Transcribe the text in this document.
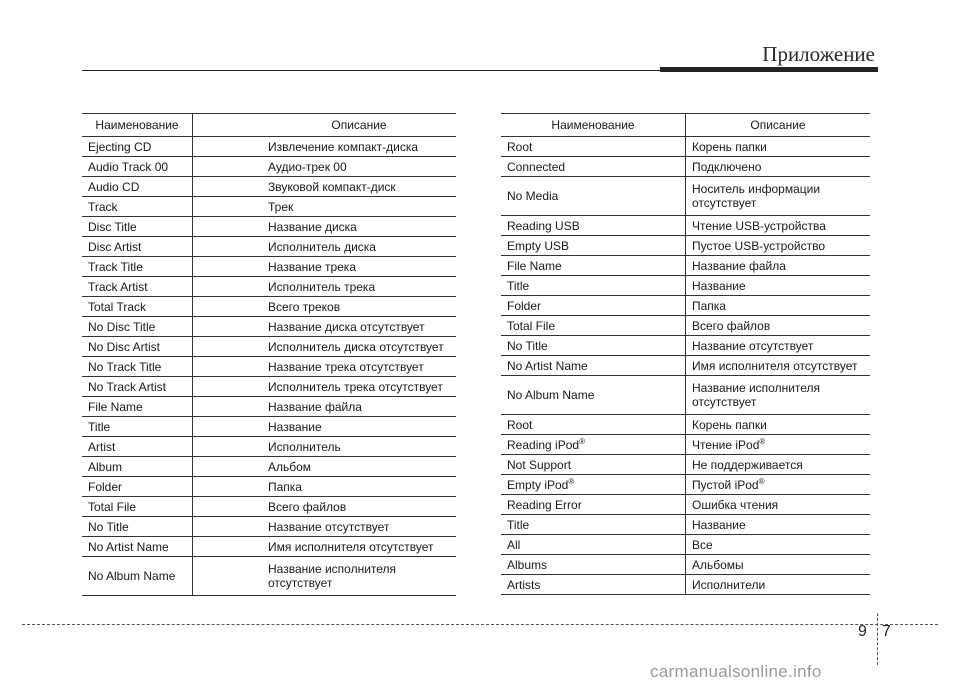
Приложение
Наименование	Описание
Ejecting CD	Извлечение компакт-диска
Audio Track 00	Аудио-трек 00
Audio CD	Звуковой компакт-диск
Track	Трек
Disc Title	Название диска
Disc Artist	Исполнитель диска
Track Title	Название трека
Track Artist	Исполнитель трека
Total Track	Всего треков
No Disc Title	Название диска отсутствует
No Disc Artist	Исполнитель диска отсутствует
No Track Title	Название трека отсутствует
No Track Artist	Исполнитель трека отсутствует
File Name	Название файла
Title	Название
Artist	Исполнитель
Album	Альбом
Folder	Папка
Total File	Всего файлов
No Title	Название отсутствует
No Artist Name	Имя исполнителя отсутствует
No Album Name	Название исполнителя отсутствует
Наименование	Описание
Root	Корень папки
Connected	Подключено
No Media	Носитель информации отсутствует
Reading USB	Чтение USB-устройства
Empty USB	Пустое USB-устройство
File Name	Название файла
Title	Название
Folder	Папка
Total File	Всего файлов
No Title	Название отсутствует
No Artist Name	Имя исполнителя отсутствует
No Album Name	Название исполнителя отсутствует
Root	Корень папки
Reading iPod®	Чтение iPod®
Not Support	Не поддерживается
Empty iPod®	Пустой iPod®
Reading Error	Ошибка чтения
Title	Название
All	Все
Albums	Альбомы
Artists	Исполнители
9 7
carmanualsonline.info
